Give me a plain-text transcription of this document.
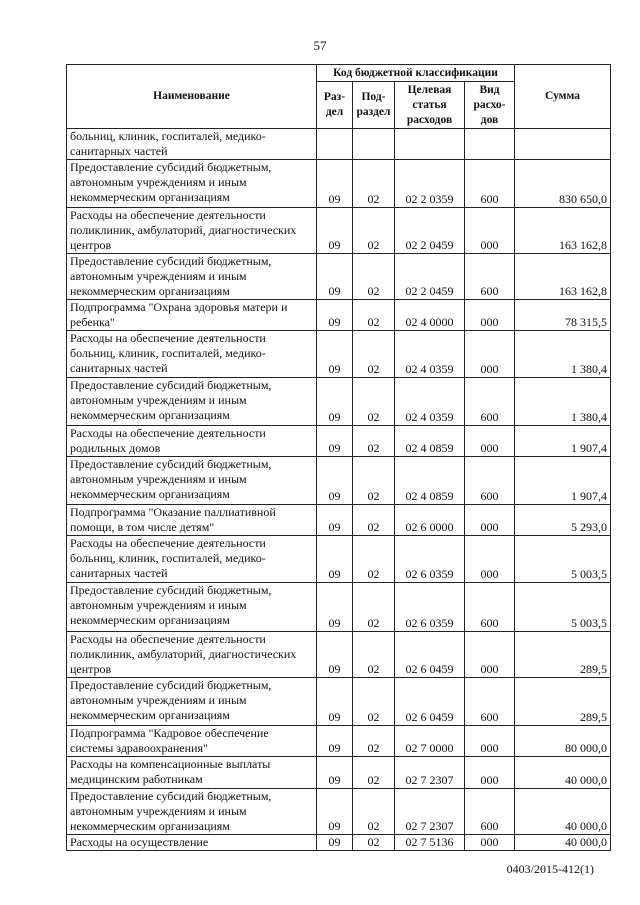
57
Наименование	Код бюджетной классификации				Сумма
	Раз-дел	Под-раздел	Целевая статья расходов	Вид расхо-дов	
больниц, клиник, госпиталей, медико-санитарных частей					
Предоставление субсидий бюджетным, автономным учреждениям и иным некоммерческим организациям	09	02	02 2 0359	600	830 650,0
Расходы на обеспечение деятельности поликлиник, амбулаторий, диагностических центров	09	02	02 2 0459	000	163 162,8
Предоставление субсидий бюджетным, автономным учреждениям и иным некоммерческим организациям	09	02	02 2 0459	600	163 162,8
Подпрограмма "Охрана здоровья матери и ребенка"	09	02	02 4 0000	000	78 315,5
Расходы на обеспечение деятельности больниц, клиник, госпиталей, медико-санитарных частей	09	02	02 4 0359	000	1 380,4
Предоставление субсидий бюджетным, автономным учреждениям и иным некоммерческим организациям	09	02	02 4 0359	600	1 380,4
Расходы на обеспечение деятельности родильных домов	09	02	02 4 0859	000	1 907,4
Предоставление субсидий бюджетным, автономным учреждениям и иным некоммерческим организациям	09	02	02 4 0859	600	1 907,4
Подпрограмма "Оказание паллиативной помощи, в том числе детям"	09	02	02 6 0000	000	5 293,0
Расходы на обеспечение деятельности больниц, клиник, госпиталей, медико-санитарных частей	09	02	02 6 0359	000	5 003,5
Предоставление субсидий бюджетным, автономным учреждениям и иным некоммерческим организациям	09	02	02 6 0359	600	5 003,5
Расходы на обеспечение деятельности поликлиник, амбулаторий, диагностических центров	09	02	02 6 0459	000	289,5
Предоставление субсидий бюджетным, автономным учреждениям и иным некоммерческим организациям	09	02	02 6 0459	600	289,5
Подпрограмма "Кадровое обеспечение системы здравоохранения"	09	02	02 7 0000	000	80 000,0
Расходы на компенсационные выплаты медицинским работникам	09	02	02 7 2307	000	40 000,0
Предоставление субсидий бюджетным, автономным учреждениям и иным некоммерческим организациям	09	02	02 7 2307	600	40 000,0
Расходы на осуществление	09	02	02 7 5136	000	40 000,0
0403/2015-412(1)
